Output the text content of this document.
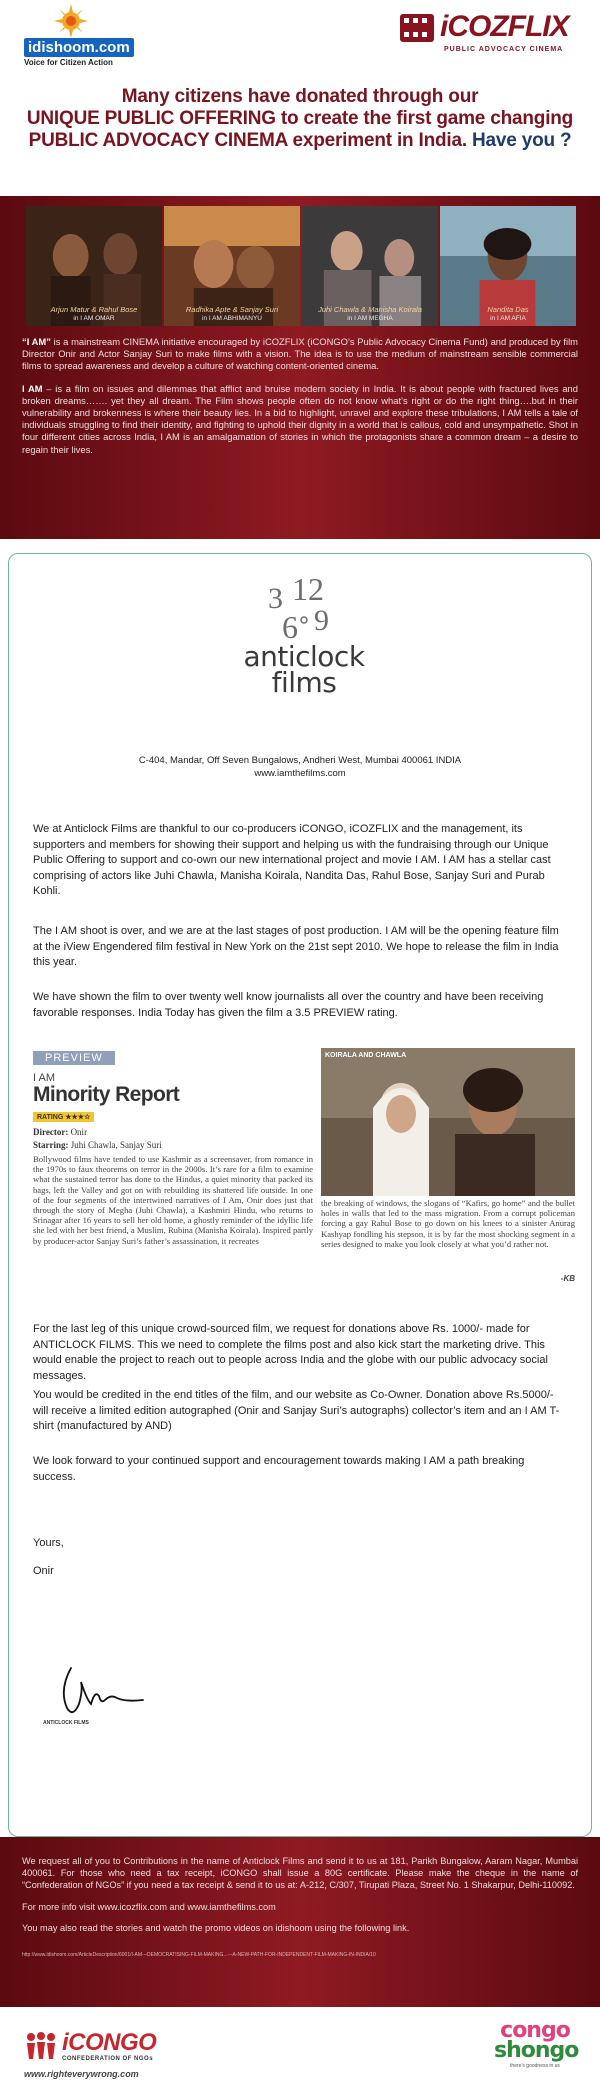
idishoom.com
Voice for Citizen Action
iCOZFLIX
PUBLIC ADVOCACY CINEMA

Many citizens have donated through our

UNIQUE PUBLIC OFFERING to create the first game changing

PUBLIC ADVOCACY CINEMA experiment in India. Have you ?

Arjun Matur & Rahul Bose
in I AM OMAR
Radhika Apte & Sanjay Suri
in I AM ABHIMANYU
Juhi Chawla & Manisha Koirala
in I AM MEGHA
Nandita Das
in I AM AFIA

“I AM” is a mainstream CINEMA initiative encouraged by iCOZFLIX (iCONGO’s Public Advocacy Cinema Fund) and produced by film Director Onir and Actor Sanjay Suri to make films with a vision. The idea is to use the medium of mainstream sensible commercial films to spread awareness and develop a culture of watching content-oriented cinema.

I AM – is a film on issues and dilemmas that afflict and bruise modern society in India. It is about people with fractured lives and broken dreams……. yet they all dream. The Film shows people often do not know what’s right or do the right thing….but in their vulnerability and brokenness is where their beauty lies. In a bid to highlight, unravel and explore these tribulations, I AM tells a tale of individuals struggling to find their identity, and fighting to uphold their dignity in a world that is callous, cold and unsympathetic. Shot in four different cities across India, I AM is an amalgamation of stories in which the protagonists share a common dream – a desire to regain their lives.

3 12
6 9
anticlock
films
C-404, Mandar, Off Seven Bungalows, Andheri West, Mumbai 400061 INDIA
www.iamthefilms.com

We at Anticlock Films are thankful to our co-producers iCONGO, iCOZFLIX and the management, its supporters and members for showing their support and helping us with the fundraising through our Unique Public Offering to support and co-own our new international project and movie I AM. I AM has a stellar cast comprising of actors like Juhi Chawla, Manisha Koirala, Nandita Das, Rahul Bose, Sanjay Suri and Purab Kohli.

The I AM shoot is over, and we are at the last stages of post production. I AM will be the opening feature film at the iView Engendered film festival in New York on the 21st sept 2010. We hope to release the film in India this year.

We have shown the film to over twenty well know journalists all over the country and have been receiving favorable responses. India Today has given the film a 3.5 PREVIEW rating.

PREVIEW
I AM
Minority Report
RATING ★★★☆
Director: Onir
Starring: Juhi Chawla, Sanjay Suri
Bollywood films have tended to use Kashmir as a screensaver, from romance in the 1970s to faux theorems on terror in the 2000s. It’s rare for a film to examine what the sustained terror has done to the Hindus, a quiet minority that packed its bags, left the Valley and got on with rebuilding its shattered life outside. In one of the four segments of the intertwined narratives of I Am, Onir does just that through the story of Megha (Juhi Chawla), a Kashmiri Hindu, who returns to Srinagar after 16 years to sell her old home, a ghostly reminder of the idyllic life she led with her best friend, a Muslim, Rubina (Manisha Koirala). Inspired partly by producer-actor Sanjay Suri’s father’s assassination, it recreates
KOIRALA AND CHAWLA
the breaking of windows, the slogans of “Kafirs, go home” and the bullet holes in walls that led to the mass migration. From a corrupt policeman forcing a gay Rahul Bose to go down on his knees to a sinister Anurag Kashyap fondling his stepson, it is by far the most shocking segment in a series designed to make you look closely at what you’d rather not.
-KB

For the last leg of this unique crowd-sourced film, we request for donations above Rs. 1000/- made for ANTICLOCK FILMS. This we need to complete the films post and also kick start the marketing drive. This would enable the project to reach out to people across India and the globe with our public advocacy social messages.

You would be credited in the end titles of the film, and our website as Co-Owner. Donation above Rs.5000/- will receive a limited edition autographed (Onir and Sanjay Suri’s autographs) collector’s item and an I AM T-shirt (manufactured by AND)

We look forward to your continued support and encouragement towards making I AM a path breaking success.

Yours,

Onir

ANTICLOCK FILMS

We request all of you to Contributions in the name of Anticlock Films and send it to us at 181, Parikh Bungalow, Aaram Nagar, Mumbai 400061. For those who need a tax receipt, iCONGO shall issue a 80G certificate. Please make the cheque in the name of “Confederation of NGOs” if you need a tax receipt & send it to us at: A-212, C/307, Tirupati Plaza, Street No. 1 Shakarpur, Delhi-110092.

For more info visit www.icozflix.com and www.iamthefilms.com

You may also read the stories and watch the promo videos on idishoom using the following link.

http://www.idishoom.com/ArticleDescription/6001/I-AM---DEMOCRATISING-FILM-MAKING...---A-NEW-PATH-FOR-INDEPENDENT-FILM-MAKING-IN-INDIA/10

iCONGO
CONFEDERATION OF NGOs
www.righteverywrong.com
congo
shongo
there's goodness in us
